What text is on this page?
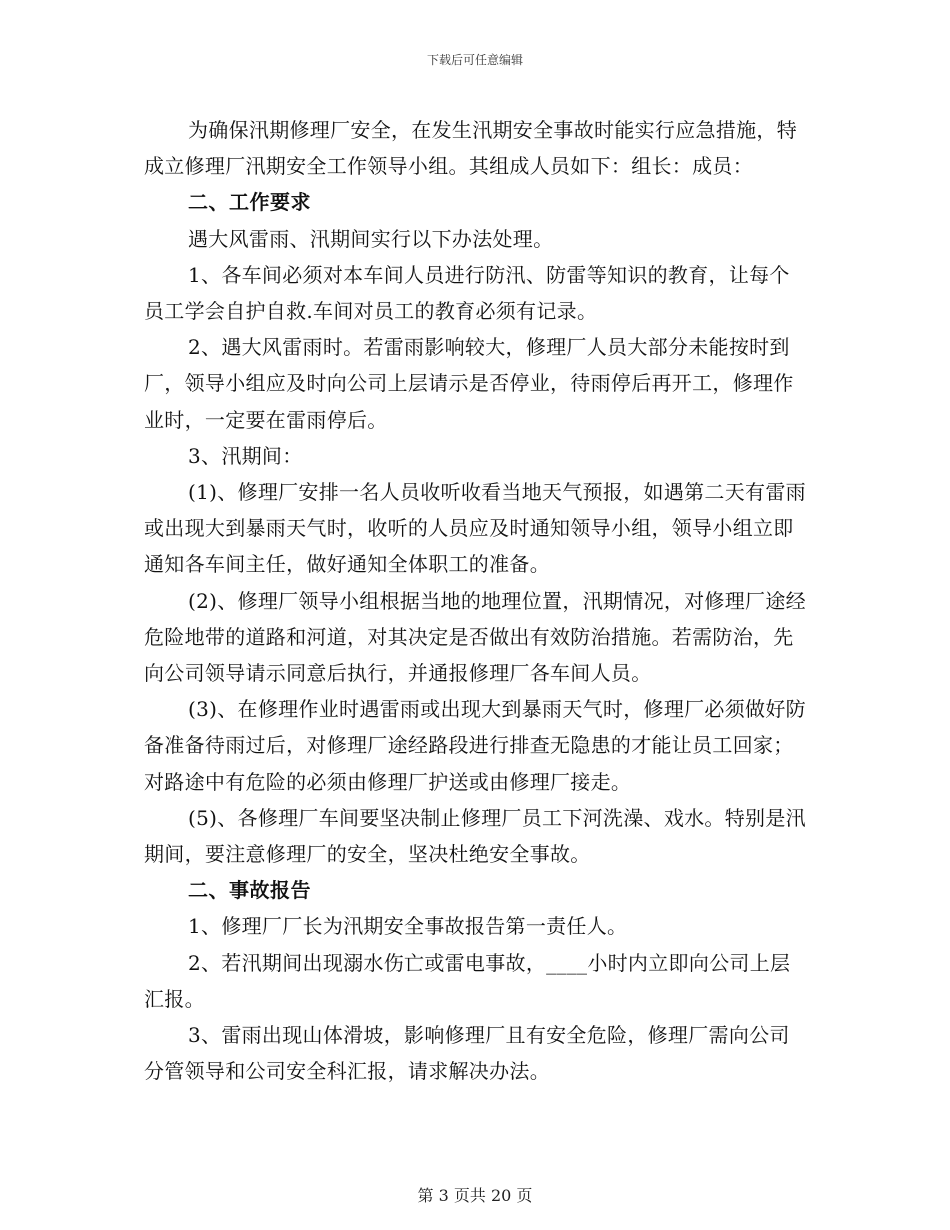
下载后可任意编辑

为确保汛期修理厂安全，在发生汛期安全事故时能实行应急措施，特成立修理厂汛期安全工作领导小组。其组成人员如下：组长：成员：

二、工作要求

遇大风雷雨、汛期间实行以下办法处理。

1、各车间必须对本车间人员进行防汛、防雷等知识的教育，让每个员工学会自护自救.车间对员工的教育必须有记录。

2、遇大风雷雨时。若雷雨影响较大，修理厂人员大部分未能按时到厂，领导小组应及时向公司上层请示是否停业，待雨停后再开工，修理作业时，一定要在雷雨停后。

3、汛期间：

(1)、修理厂安排一名人员收听收看当地天气预报，如遇第二天有雷雨或出现大到暴雨天气时，收听的人员应及时通知领导小组，领导小组立即通知各车间主任，做好通知全体职工的准备。

(2)、修理厂领导小组根据当地的地理位置，汛期情况，对修理厂途经危险地带的道路和河道，对其决定是否做出有效防治措施。若需防治，先向公司领导请示同意后执行，并通报修理厂各车间人员。

(3)、在修理作业时遇雷雨或出现大到暴雨天气时，修理厂必须做好防备准备待雨过后，对修理厂途经路段进行排查无隐患的才能让员工回家；对路途中有危险的必须由修理厂护送或由修理厂接走。

(5)、各修理厂车间要坚决制止修理厂员工下河洗澡、戏水。特别是汛期间，要注意修理厂的安全，坚决杜绝安全事故。

二、事故报告

1、修理厂厂长为汛期安全事故报告第一责任人。

2、若汛期间出现溺水伤亡或雷电事故，____小时内立即向公司上层汇报。

3、雷雨出现山体滑坡，影响修理厂且有安全危险，修理厂需向公司分管领导和公司安全科汇报，请求解决办法。

第 3 页共 20 页
